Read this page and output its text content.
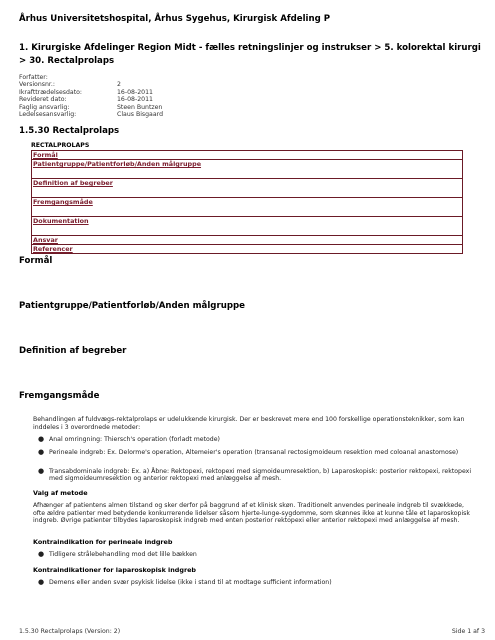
Århus Universitetshospital, Århus Sygehus, Kirurgisk Afdeling P
1. Kirurgiske Afdelinger Region Midt - fælles retningslinjer og instrukser > 5. kolorektal kirurgi > 30. Rectalprolaps
Forfatter:
Versionsnr.:	2
Ikrafttrædelsesdato:	16-08-2011
Revideret dato:	16-08-2011
Faglig ansvarlig:	Steen Buntzen
Ledelsesansvarlig:	Claus Bisgaard
1.5.30 Rectalprolaps
RECTALPROLAPS
Formål
Patientgruppe/Patientforløb/Anden målgruppe
Definition af begreber
Fremgangsmåde
Dokumentation
Ansvar
Referencer
Formål
Patientgruppe/Patientforløb/Anden målgruppe
Definition af begreber
Fremgangsmåde
Behandlingen af fuldvægs-rektalprolaps er udelukkende kirurgisk. Der er beskrevet mere end 100 forskellige operationsteknikker, som kan inddeles i 3 overordnede metoder:
● Anal omringning: Thiersch's operation (forladt metode)
● Perineale indgreb: Ex. Delorme's operation, Altemeier's operation (transanal rectosigmoideum resektion med coloanal anastomose)
● Transabdominale indgreb: Ex. a) Åbne: Rektopexi, rektopexi med sigmoideumresektion, b) Laparoskopisk: posterior rektopexi, rektopexi med sigmoideumresektion og anterior rektopexi med anlæggelse af mesh.
Valg af metode
Afhænger af patientens almen tilstand og sker derfor på baggrund af et klinisk skøn. Traditionelt anvendes perineale indgreb til svækkede, ofte ældre patienter med betydende konkurrerende lidelser såsom hjerte-lunge-sygdomme, som skønnes ikke at kunne tåle et laparoskopisk indgreb. Øvrige patienter tilbydes laparoskopisk indgreb med enten posterior rektopexi eller anterior rektopexi med anlæggelse af mesh.
Kontraindikation for perineale indgreb
● Tidligere strålebehandling mod det lille bækken
Kontraindikationer for laparoskopisk indgreb
● Demens eller anden svær psykisk lidelse (ikke i stand til at modtage sufficient information)
1.5.30 Rectalprolaps (Version: 2)	Side 1 af 3
